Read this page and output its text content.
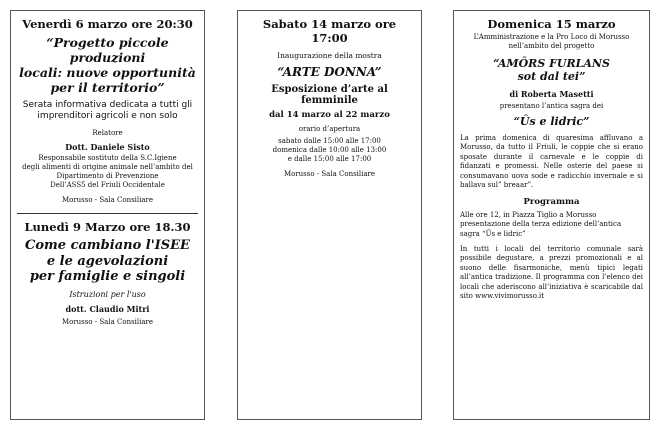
Venerdì 6 marzo ore 20:30
“Progetto piccole produzioni
locali: nuove opportunità
per il territorio”
Serata informativa dedicata a tutti gli imprenditori agricoli e non solo
Relatore
Dott. Daniele Sisto
Responsabile sostituto della S.C.Igiene
degli alimenti di origine animale nell’ambito del
Dipartimento di Prevenzione
Dell’ASS5 del Friuli Occidentale
Morusso - Sala Consiliare
Lunedì 9 Marzo ore 18.30
Come cambiano l'ISEE
e le agevolazioni
per famiglie e singoli
Istruzioni per l'uso
dott. Claudio Mitri
Morusso - Sala Consiliare
Sabato 14 marzo ore 17:00
Inaugurazione della mostra
“ARTE DONNA”
Esposizione d’arte al femminile
dal 14 marzo al 22 marzo
orario d’apertura
sabato dalle 15:00 alle 17:00
domenica dalle 10:00 alle 13:00
e dalle 15:00 alle 17:00
Morusso - Sala Consiliare
Domenica 15 marzo
L’Amministrazione e la Pro Loco di Morusso
nell’ambito del progetto
“AMÔRS FURLANS
sot dal tei”
di Roberta Masetti
presentano l’antica sagra dei
“Ûs e lidric”
La prima domenica di quaresima affluvano a Morusso, da tutto il Friuli, le coppie che si erano sposate durante il carnevale e le coppie di fidanzati e promessi. Nelle osterie del paese si consumavano uova sode e radicchio invernale e si ballava sul” breaar”.
Programma
Alle ore 12, in Piazza Tiglio a Morusso presentazione della terza edizione dell’antica sagra “Ûs e lidric”
In tutti i locali del territorio comunale sarà possibile degustare, a prezzi promozionali e al suono delle fisarmoniche, menù tipici legati all’antica tradizione. Il programma con l’elenco dei locali che aderiscono all’iniziativa è scaricabile dal sito www.vivimorusso.it
